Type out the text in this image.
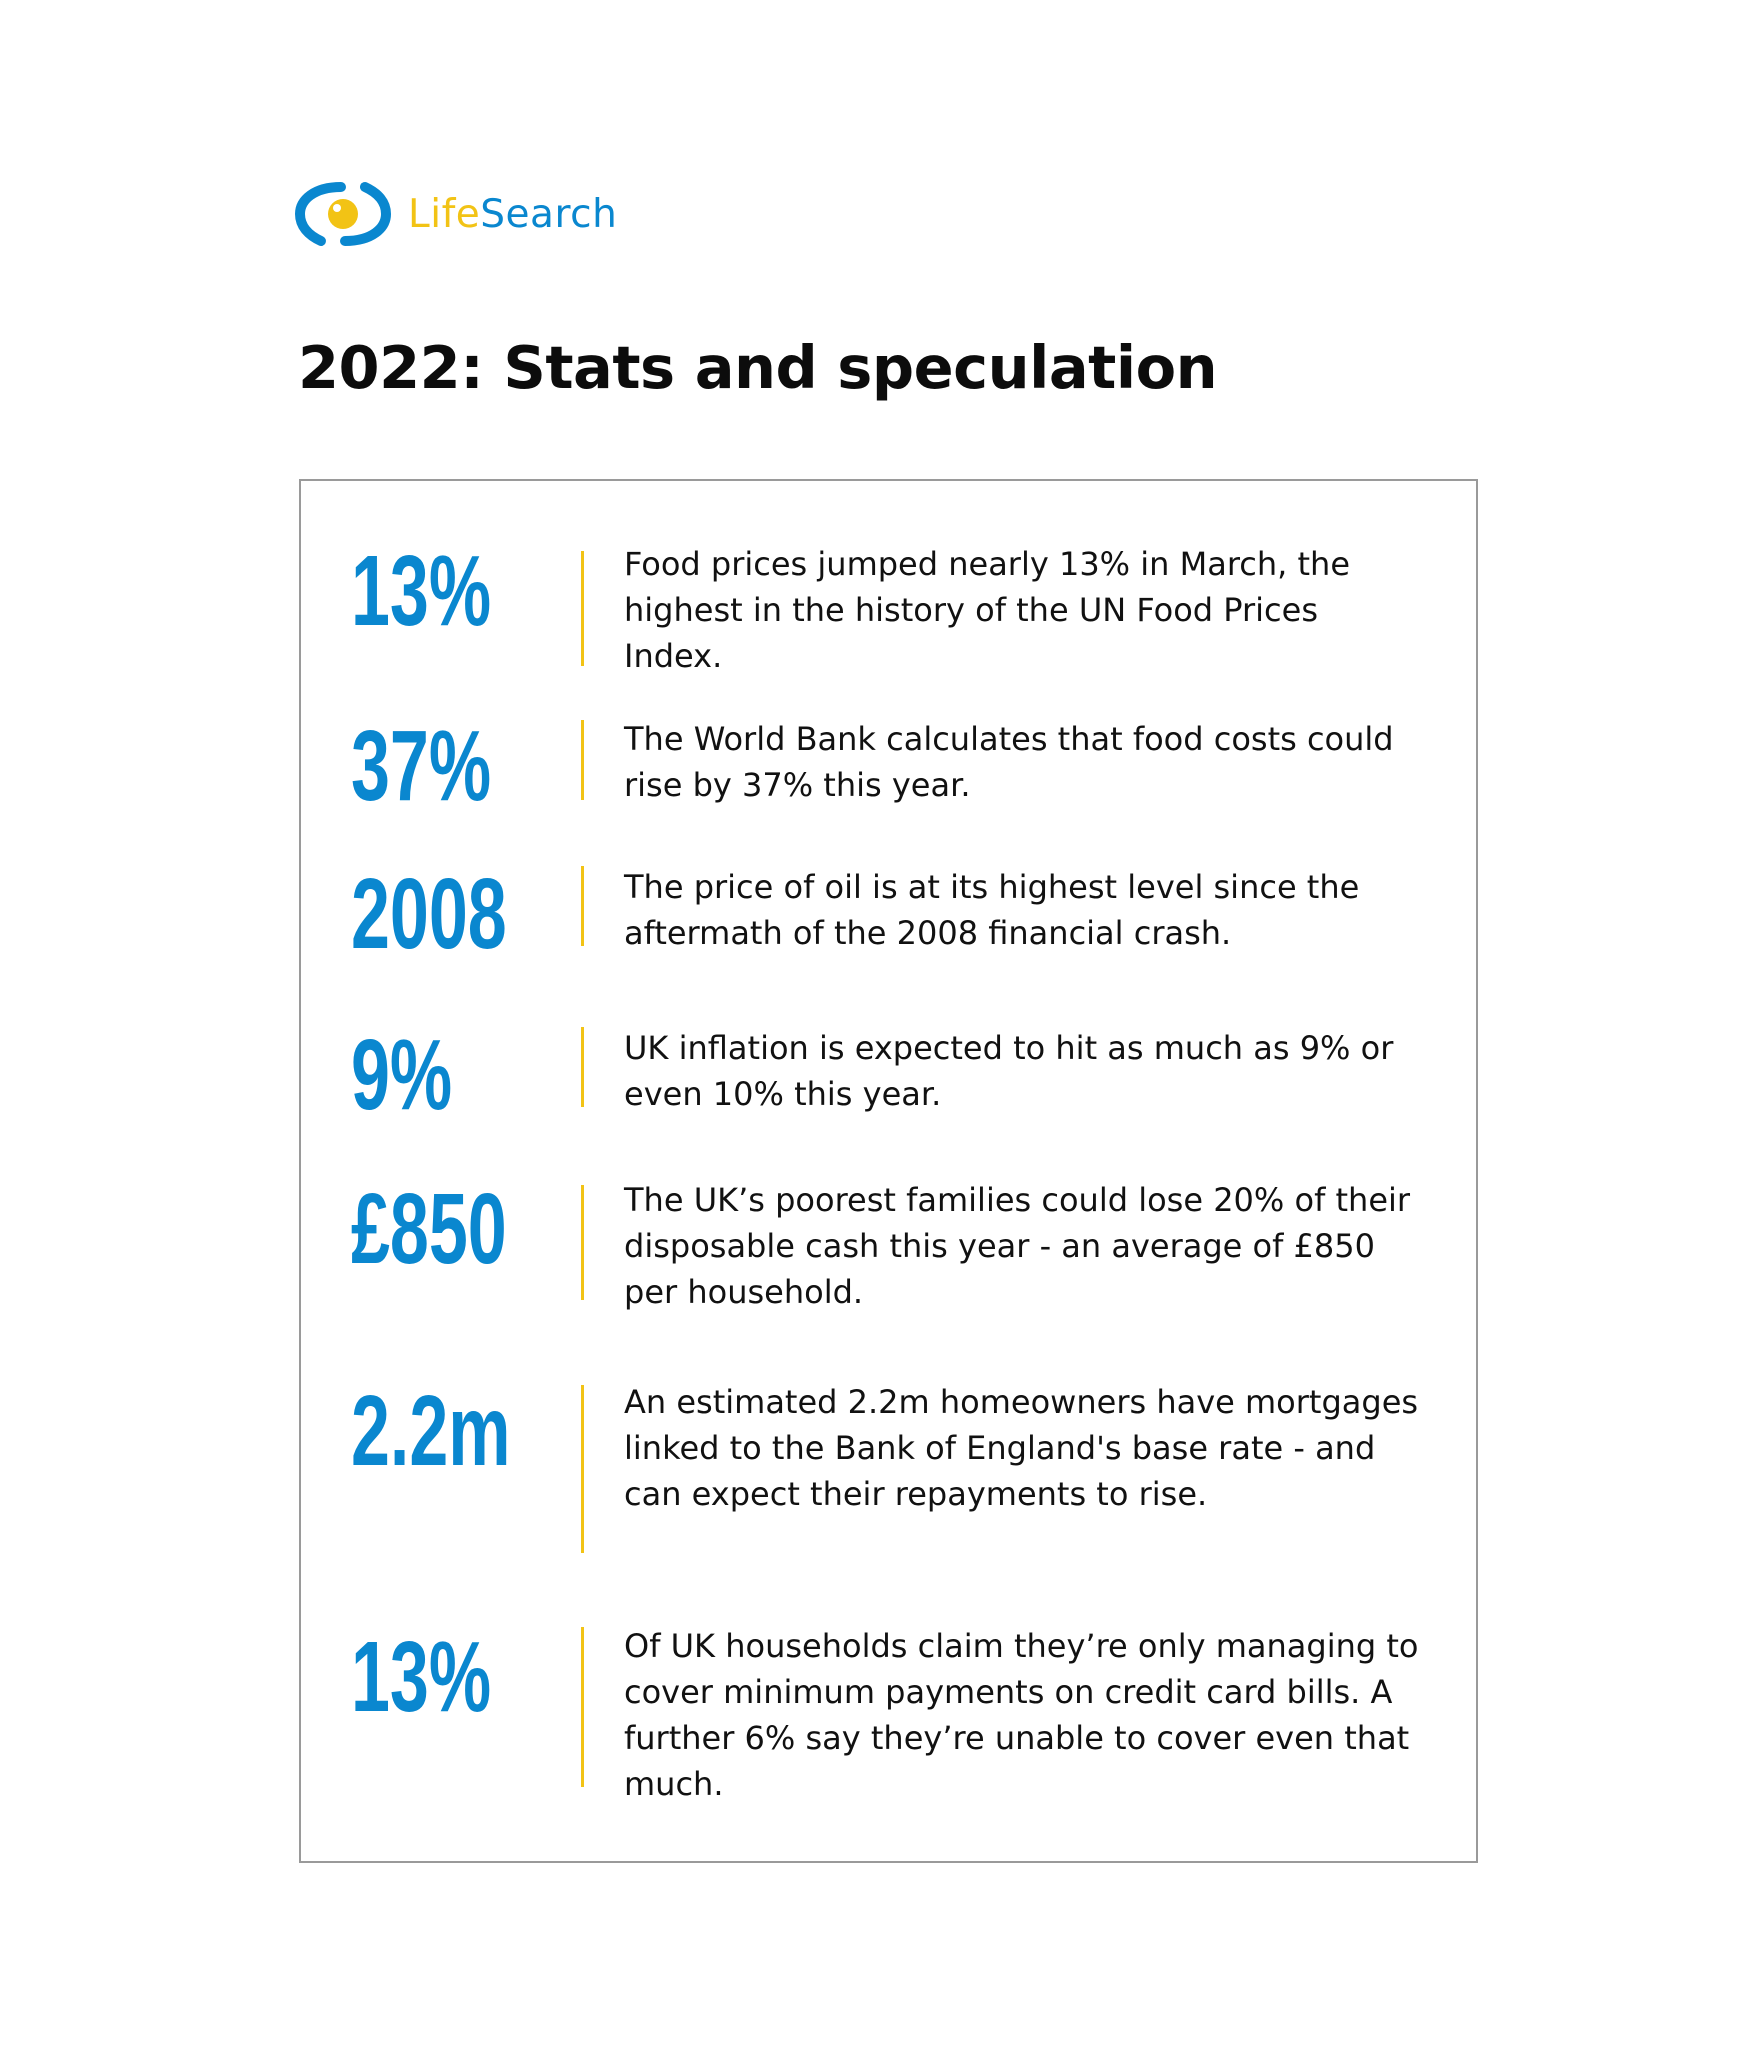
LifeSearch
2022: Stats and speculation
13%	Food prices jumped nearly 13% in March, the highest in the history of the UN Food Prices Index.
37%	The World Bank calculates that food costs could rise by 37% this year.
2008	The price of oil is at its highest level since the aftermath of the 2008 financial crash.
9%	UK inflation is expected to hit as much as 9% or even 10% this year.
£850	The UK’s poorest families could lose 20% of their disposable cash this year - an average of £850 per household.
2.2m	An estimated 2.2m homeowners have mortgages linked to the Bank of England's base rate - and can expect their repayments to rise.
13%	Of UK households claim they’re only managing to cover minimum payments on credit card bills. A further 6% say they’re unable to cover even that much.
